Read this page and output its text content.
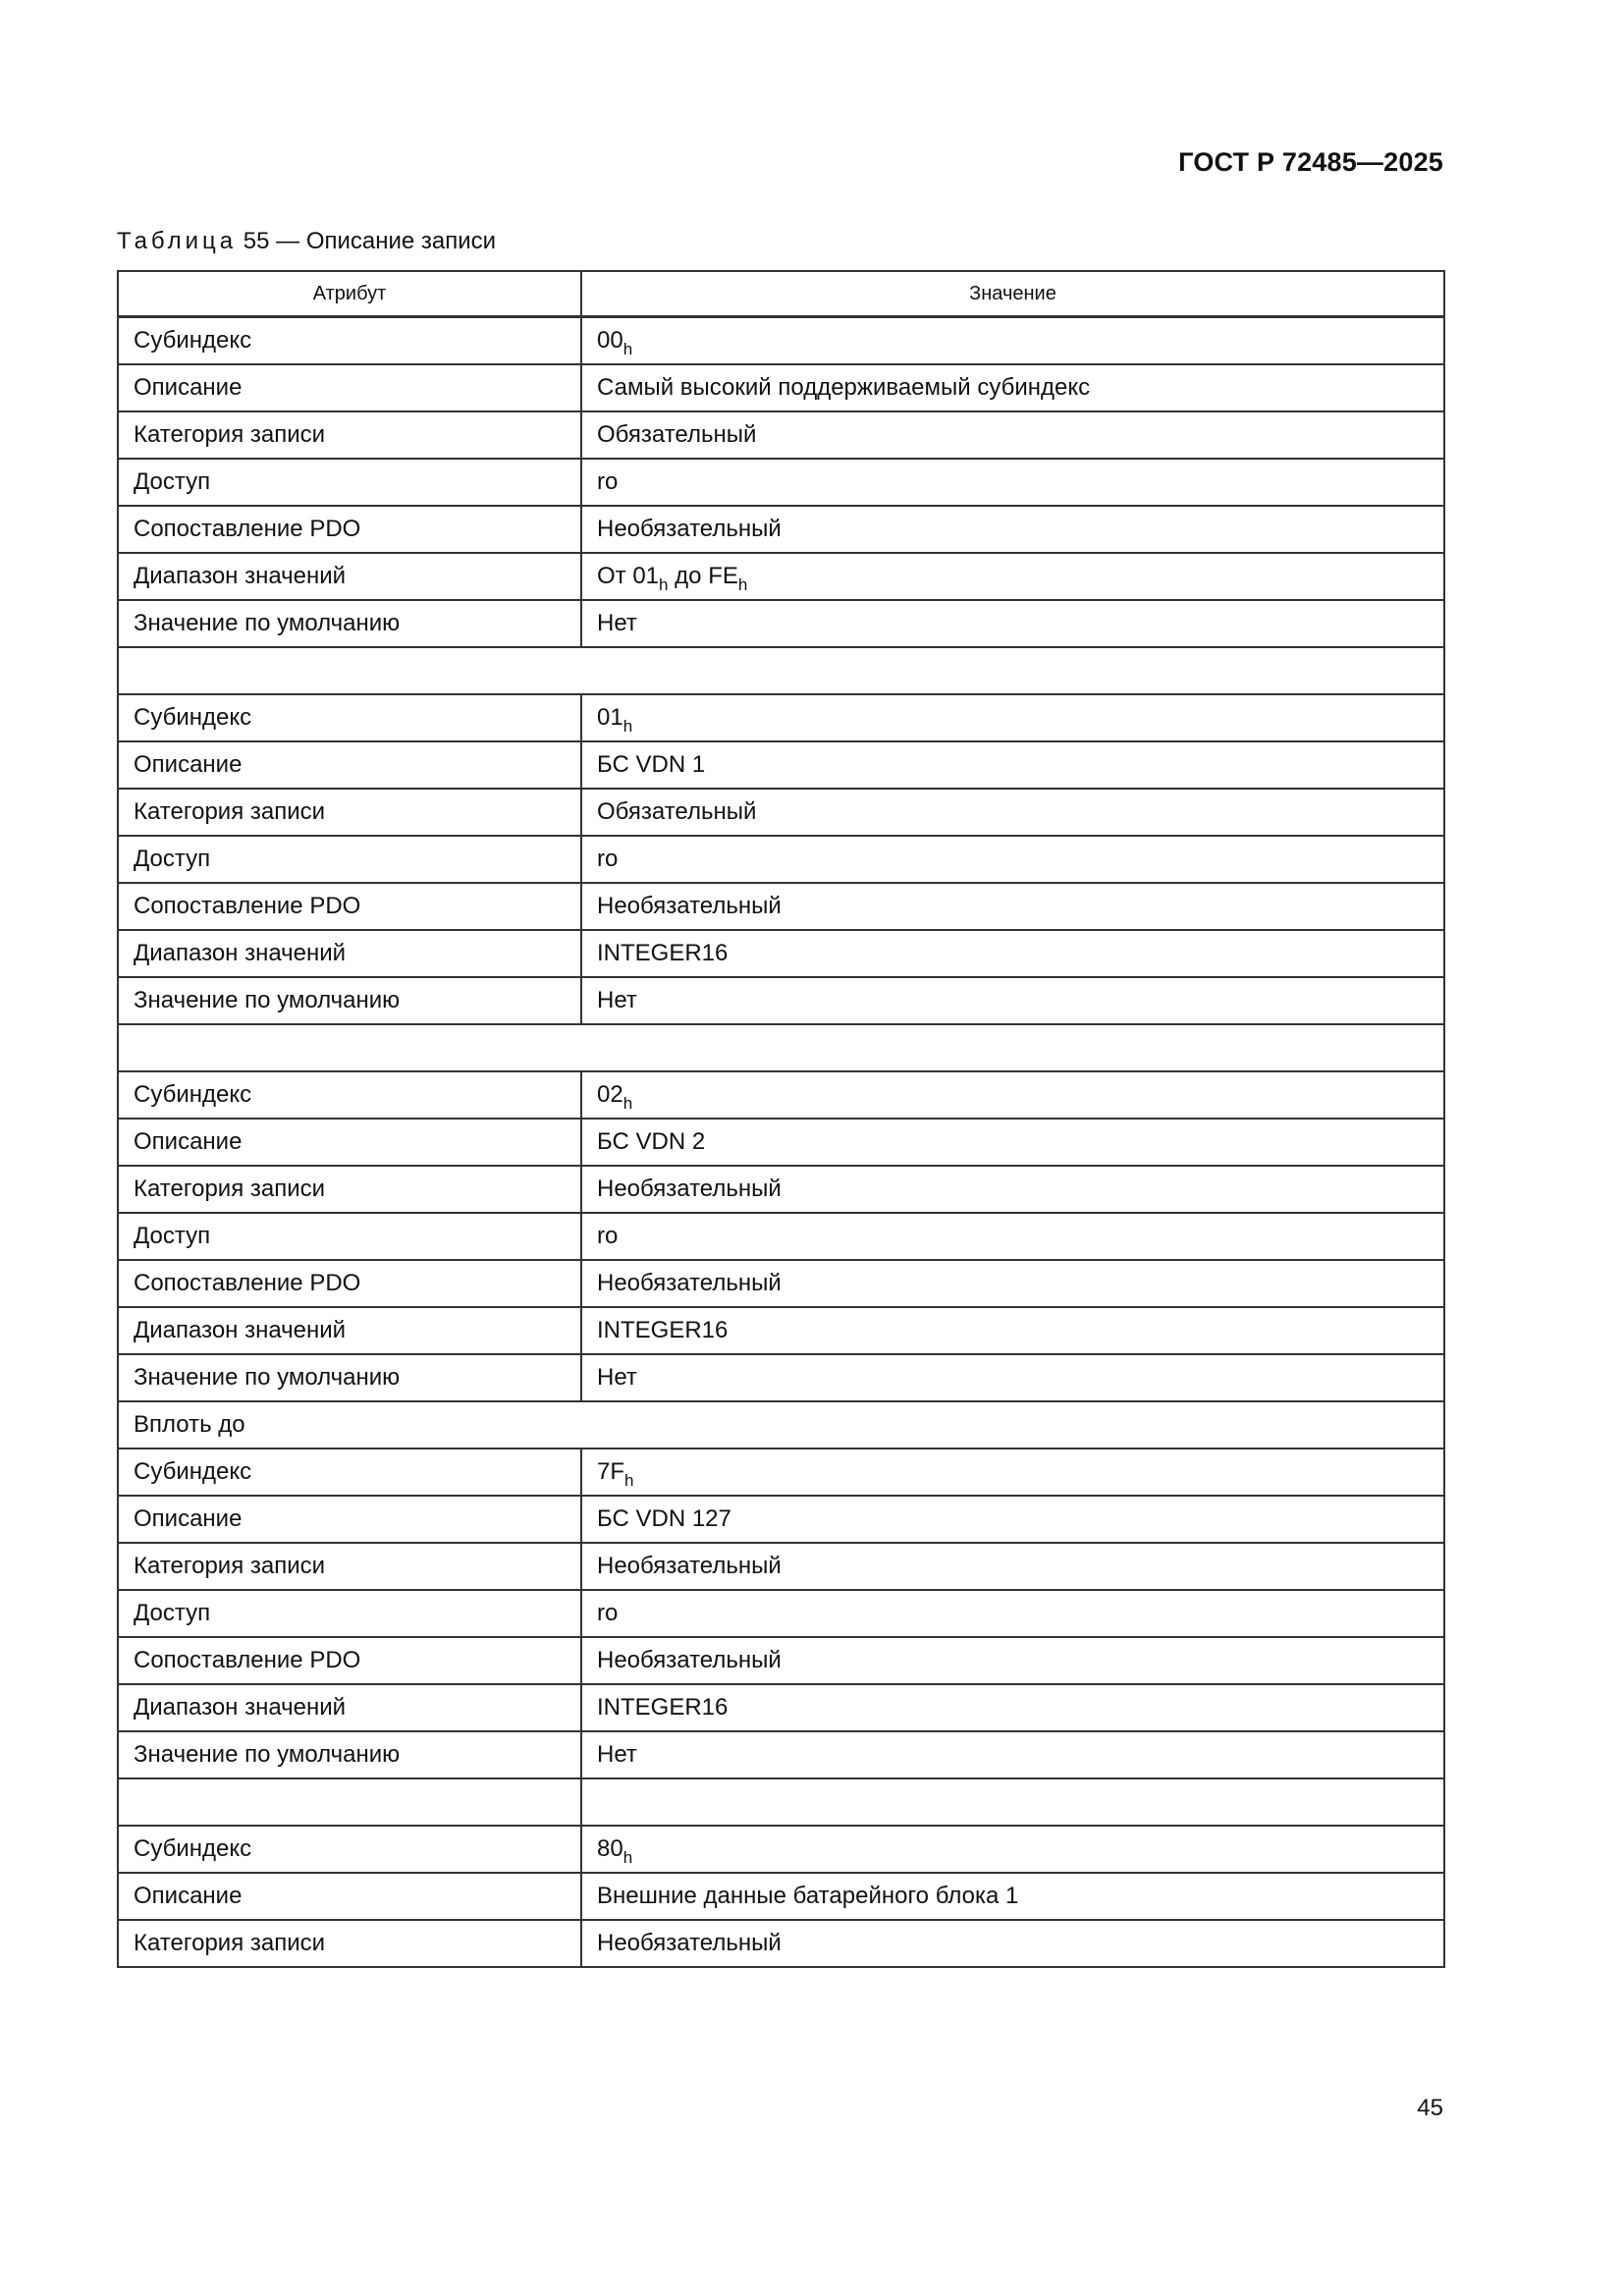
ГОСТ Р 72485—2025
Таблица 55 — Описание записи
Атрибут	Значение
Субиндекс	$00_h$
Описание	Самый высокий поддерживаемый субиндекс
Категория записи	Обязательный
Доступ	ro
Сопоставление PDO	Необязательный
Диапазон значений	От $01_h$ до $FE_h$
Значение по умолчанию	Нет

Субиндекс	$01_h$
Описание	БС VDN 1
Категория записи	Обязательный
Доступ	ro
Сопоставление PDO	Необязательный
Диапазон значений	INTEGER16
Значение по умолчанию	Нет

Субиндекс	$02_h$
Описание	БС VDN 2
Категория записи	Необязательный
Доступ	ro
Сопоставление PDO	Необязательный
Диапазон значений	INTEGER16
Значение по умолчанию	Нет
Вплоть до	
Субиндекс	$7F_h$
Описание	БС VDN 127
Категория записи	Необязательный
Доступ	ro
Сопоставление PDO	Необязательный
Диапазон значений	INTEGER16
Значение по умолчанию	Нет

Субиндекс	$80_h$
Описание	Внешние данные батарейного блока 1
Категория записи	Необязательный
45
